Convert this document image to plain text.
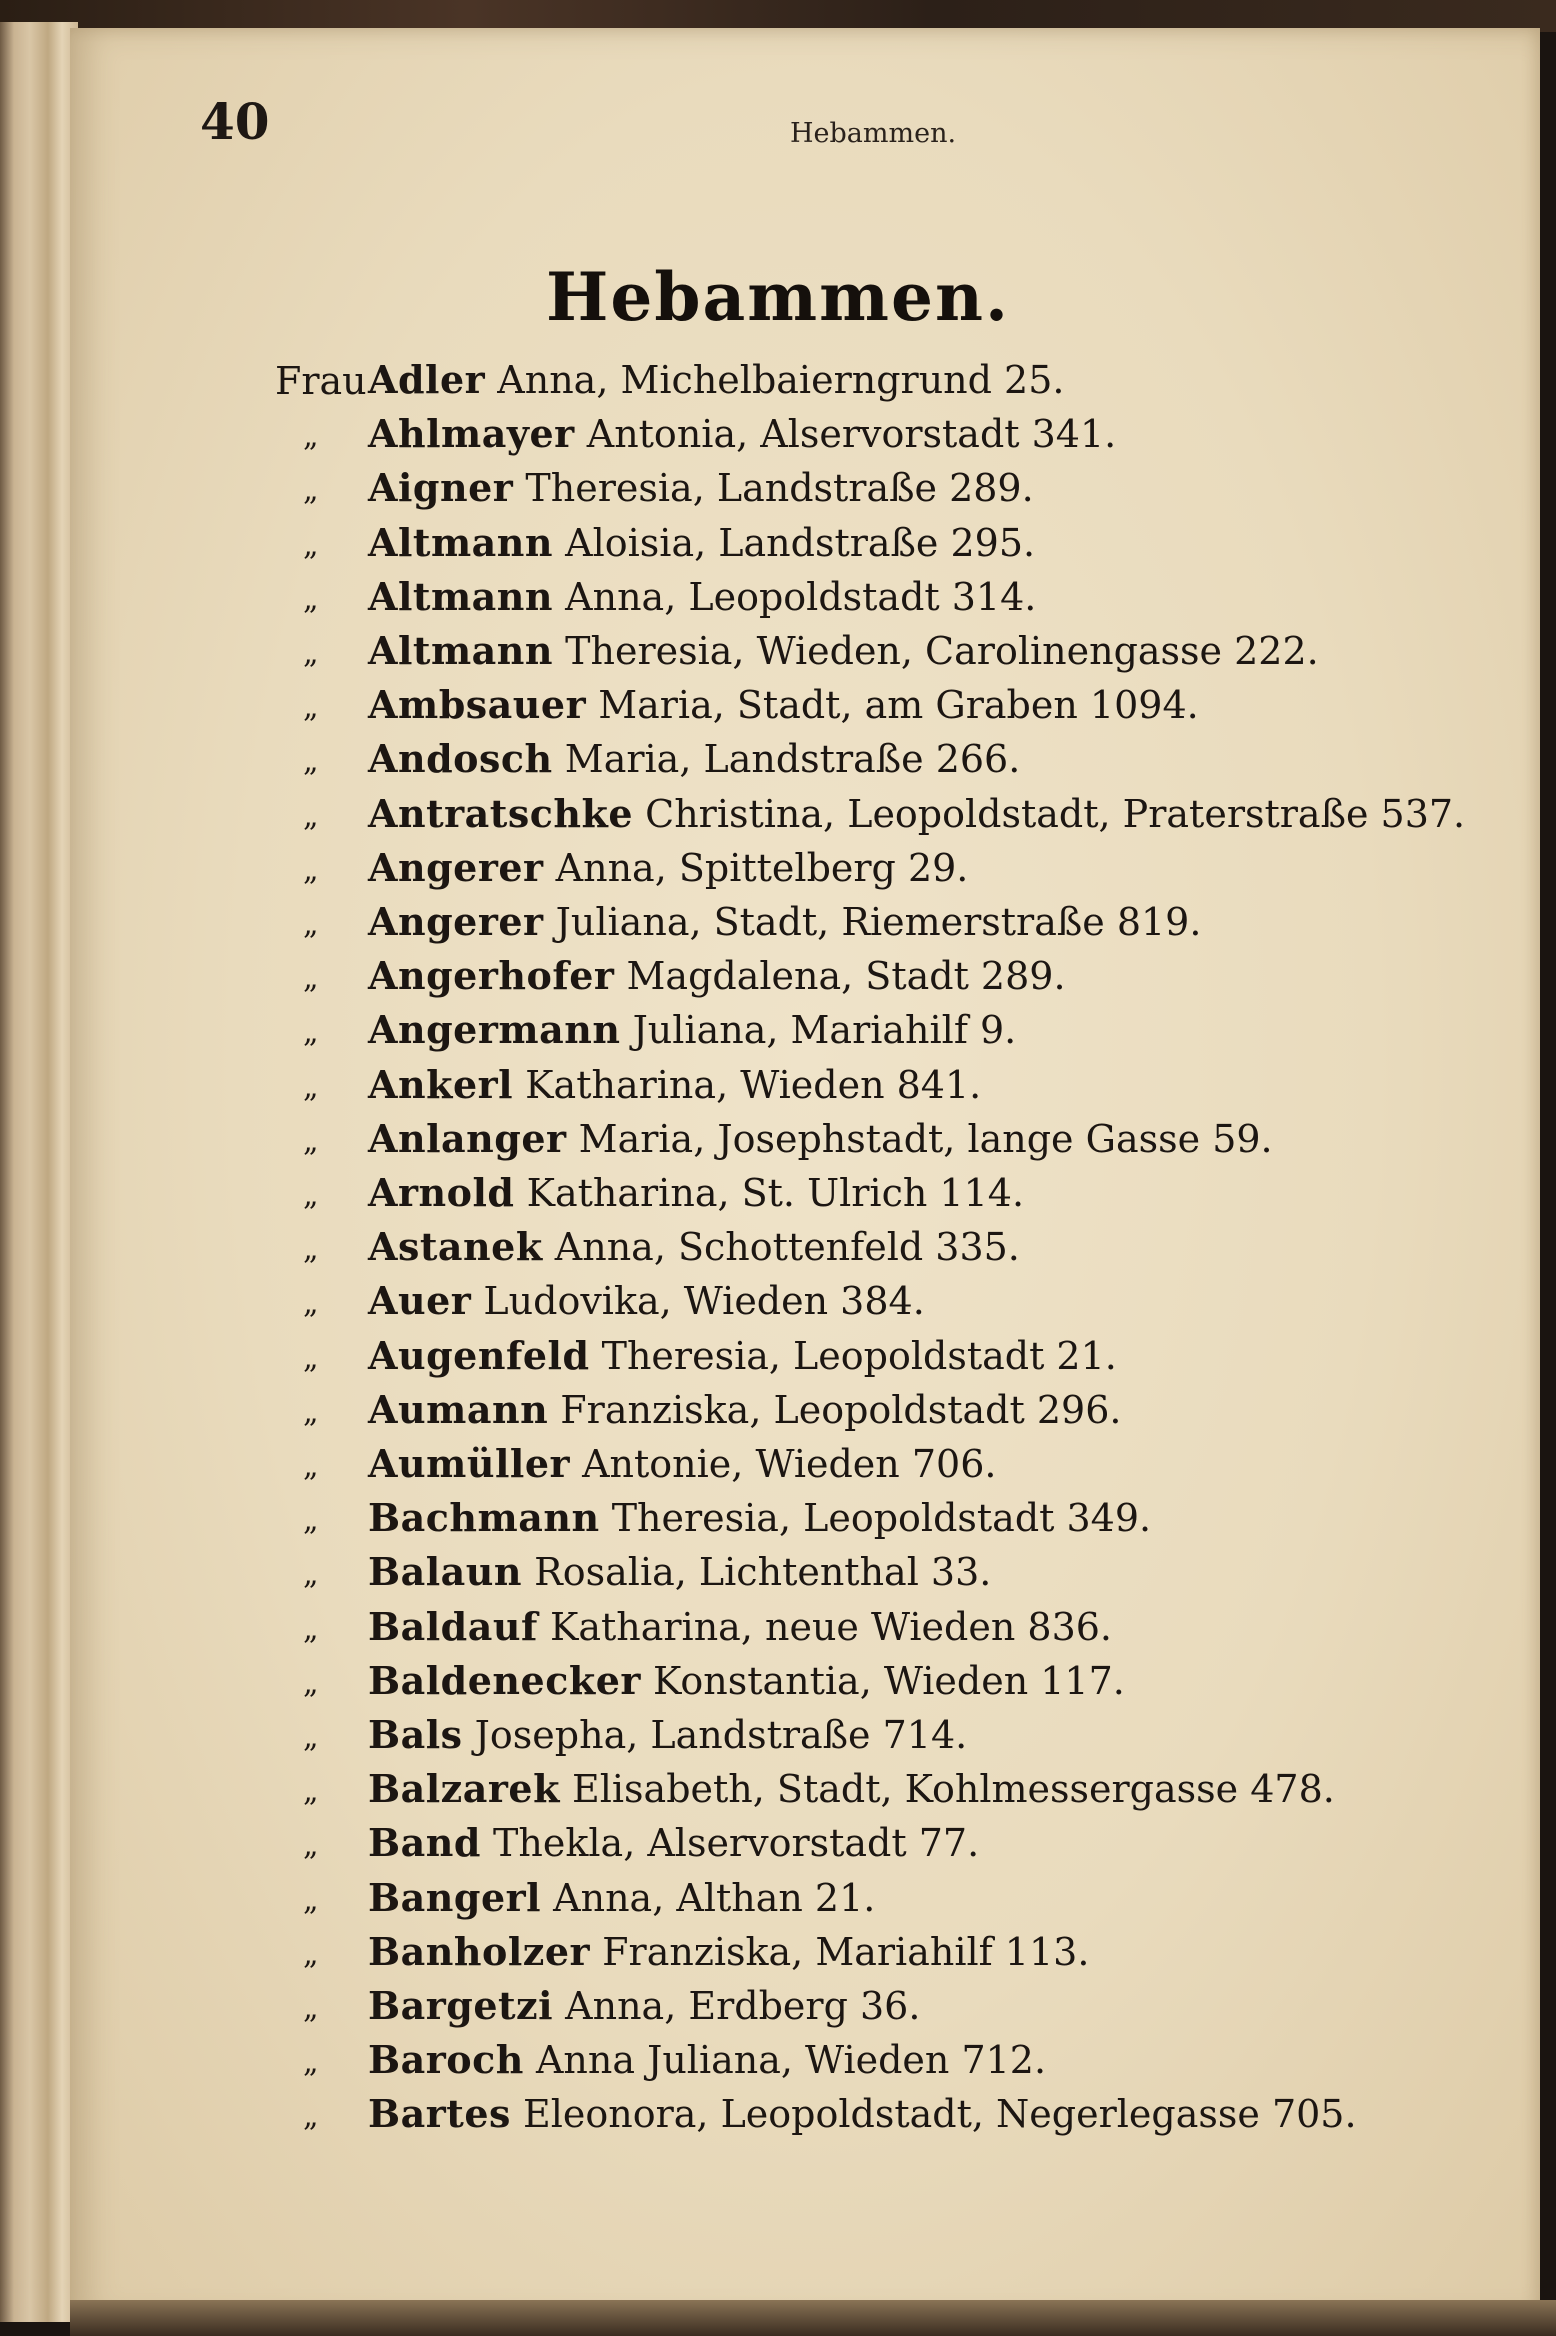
40	Hebammen.
Hebammen.
Frau Adler Anna, Michelbaierngrund 25.
„ Ahlmayer Antonia, Alservorstadt 341.
„ Aigner Theresia, Landstraße 289.
„ Altmann Aloisia, Landstraße 295.
„ Altmann Anna, Leopoldstadt 314.
„ Altmann Theresia, Wieden, Carolinengasse 222.
„ Ambsauer Maria, Stadt, am Graben 1094.
„ Andosch Maria, Landstraße 266.
„ Antratschke Christina, Leopoldstadt, Praterstraße 537.
„ Angerer Anna, Spittelberg 29.
„ Angerer Juliana, Stadt, Riemerstraße 819.
„ Angerhofer Magdalena, Stadt 289.
„ Angermann Juliana, Mariahilf 9.
„ Ankerl Katharina, Wieden 841.
„ Anlanger Maria, Josephstadt, lange Gasse 59.
„ Arnold Katharina, St. Ulrich 114.
„ Astanek Anna, Schottenfeld 335.
„ Auer Ludovika, Wieden 384.
„ Augenfeld Theresia, Leopoldstadt 21.
„ Aumann Franziska, Leopoldstadt 296.
„ Aumüller Antonie, Wieden 706.
„ Bachmann Theresia, Leopoldstadt 349.
„ Balaun Rosalia, Lichtenthal 33.
„ Baldauf Katharina, neue Wieden 836.
„ Baldenecker Konstantia, Wieden 117.
„ Bals Josepha, Landstraße 714.
„ Balzarek Elisabeth, Stadt, Kohlmessergasse 478.
„ Band Thekla, Alservorstadt 77.
„ Bangerl Anna, Althan 21.
„ Banholzer Franziska, Mariahilf 113.
„ Bargetzi Anna, Erdberg 36.
„ Baroch Anna Juliana, Wieden 712.
„ Bartes Eleonora, Leopoldstadt, Negerlegasse 705.
